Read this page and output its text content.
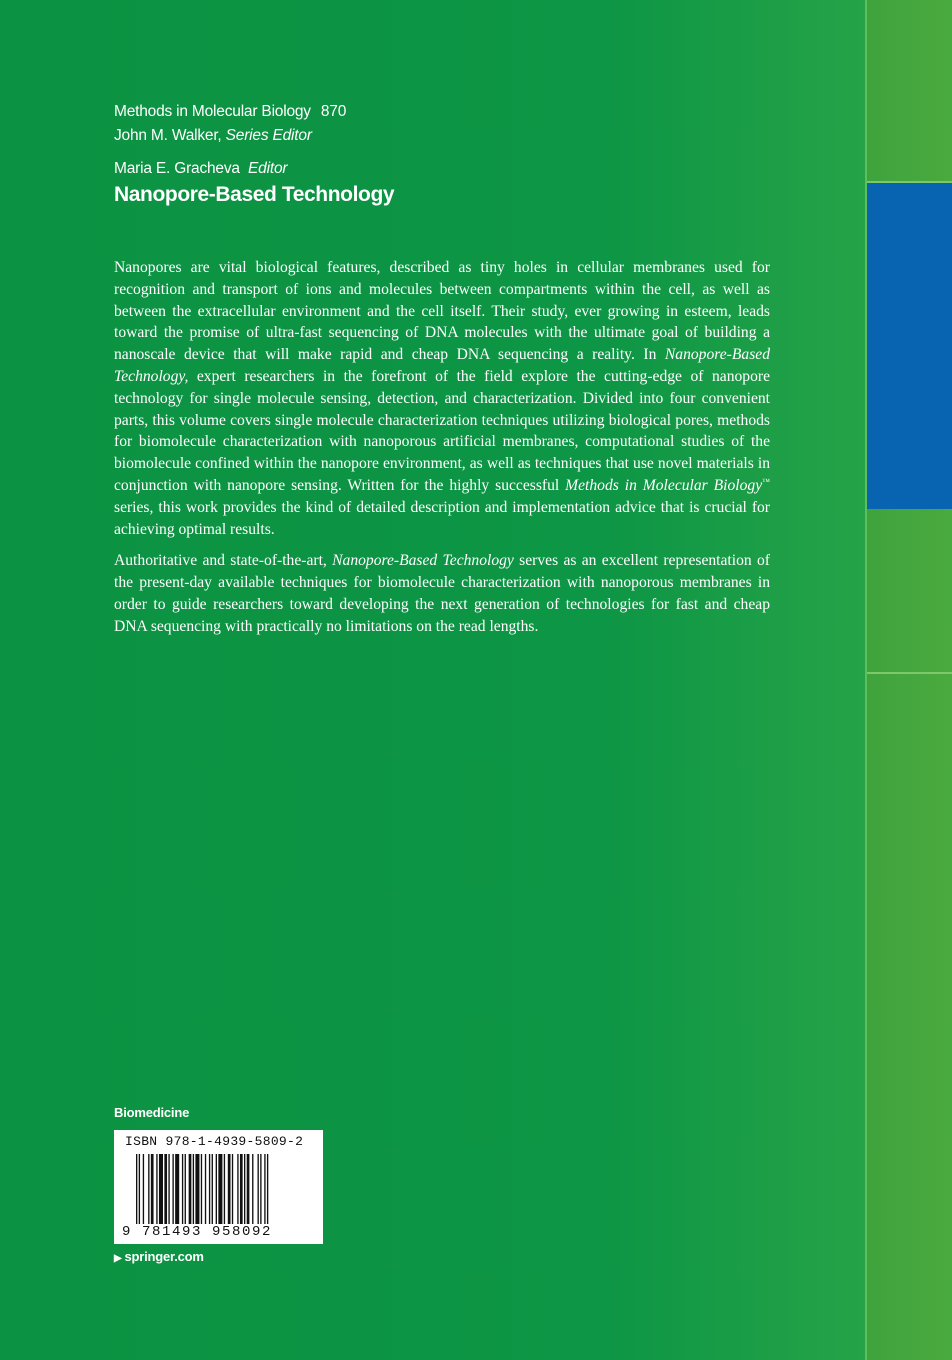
Methods in Molecular Biology 870
John M. Walker, Series Editor
Maria E. Gracheva Editor
Nanopore-Based Technology

Nanopores are vital biological features, described as tiny holes in cellular membranes used for recognition and transport of ions and molecules between compartments within the cell, as well as between the extracellular environment and the cell itself. Their study, ever growing in esteem, leads toward the promise of ultra-fast sequencing of DNA molecules with the ultimate goal of building a nanoscale device that will make rapid and cheap DNA sequencing a reality. In Nanopore-Based Technology, expert researchers in the forefront of the field explore the cutting-edge of nanopore technology for single molecule sensing, detection, and characterization. Divided into four convenient parts, this volume covers single molecule characterization techniques utilizing biological pores, methods for biomolecule characterization with nanoporous artificial membranes, computational studies of the biomolecule confined within the nanopore environment, as well as techniques that use novel materials in conjunction with nanopore sensing. Written for the highly successful Methods in Molecular Biology™ series, this work provides the kind of detailed description and implementation advice that is crucial for achieving optimal results.

Authoritative and state-of-the-art, Nanopore-Based Technology serves as an excellent representation of the present-day available techniques for biomolecule characterization with nanoporous membranes in order to guide researchers toward developing the next generation of technologies for fast and cheap DNA sequencing with practically no limitations on the read lengths.

Biomedicine
ISBN 978-1-4939-5809-2
9 781493 958092
▶ springer.com
